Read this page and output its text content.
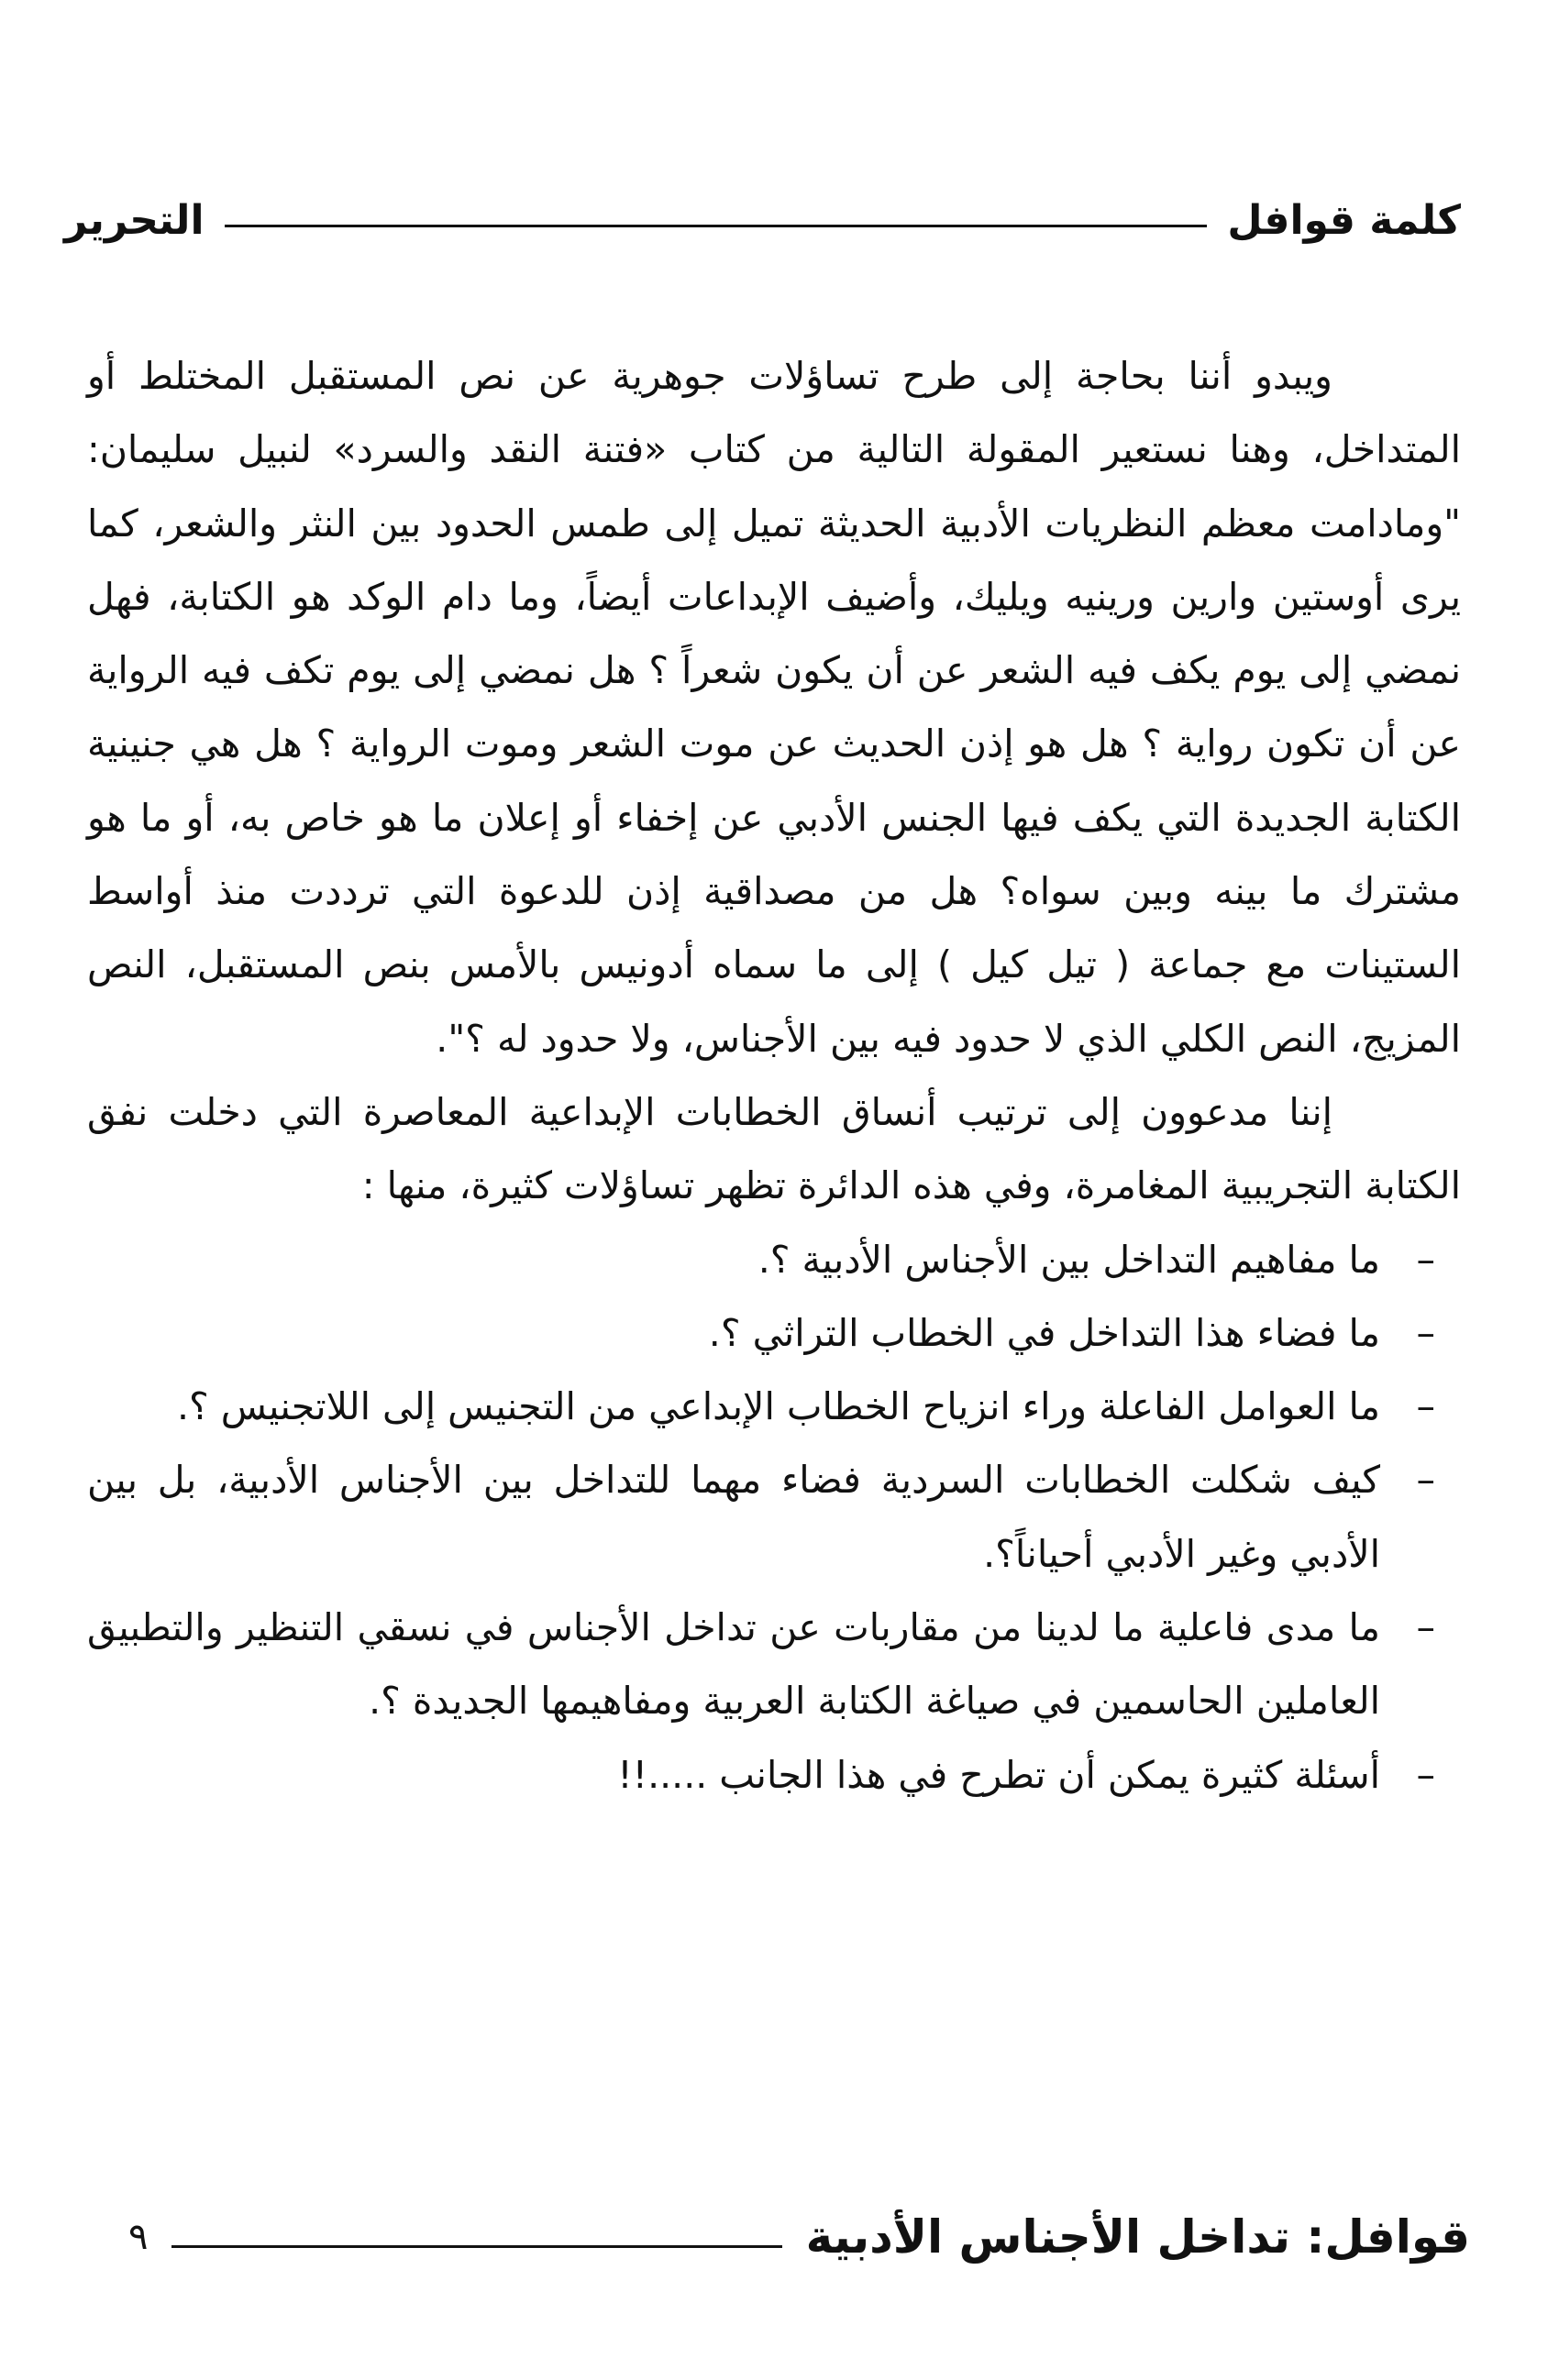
كلمة قوافل
التحرير

ويبدو أننا بحاجة إلى طرح تساؤلات جوهرية عن نص المستقبل المختلط أو المتداخل، وهنا نستعير المقولة التالية من كتاب «فتنة النقد والسرد» لنبيل سليمان: "ومادامت معظم النظريات الأدبية الحديثة تميل إلى طمس الحدود بين النثر والشعر، كما يرى أوستين وارين ورينيه ويليك، وأضيف الإبداعات أيضاً، وما دام الوكد هو الكتابة، فهل نمضي إلى يوم يكف فيه الشعر عن أن يكون شعراً ؟ هل نمضي إلى يوم تكف فيه الرواية عن أن تكون رواية ؟ هل هو إذن الحديث عن موت الشعر وموت الرواية ؟ هل هي جنينية الكتابة الجديدة التي يكف فيها الجنس الأدبي عن إخفاء أو إعلان ما هو خاص به، أو ما هو مشترك ما بينه وبين سواه؟ هل من مصداقية إذن للدعوة التي ترددت منذ أواسط الستينات مع جماعة ( تيل كيل ) إلى ما سماه أدونيس بالأمس بنص المستقبل، النص المزيج، النص الكلي الذي لا حدود فيه بين الأجناس، ولا حدود له ؟".

إننا مدعوون إلى ترتيب أنساق الخطابات الإبداعية المعاصرة التي دخلت نفق الكتابة التجريبية المغامرة، وفي هذه الدائرة تظهر تساؤلات كثيرة، منها :

– ما مفاهيم التداخل بين الأجناس الأدبية ؟.
– ما فضاء هذا التداخل في الخطاب التراثي ؟.
– ما العوامل الفاعلة وراء انزياح الخطاب الإبداعي من التجنيس إلى اللاتجنيس ؟.
– كيف شكلت الخطابات السردية فضاء مهما للتداخل بين الأجناس الأدبية، بل بين الأدبي وغير الأدبي أحياناً؟.
– ما مدى فاعلية ما لدينا من مقاربات عن تداخل الأجناس في نسقي التنظير والتطبيق العاملين الحاسمين في صياغة الكتابة العربية ومفاهيمها الجديدة ؟.
– أسئلة كثيرة يمكن أن تطرح في هذا الجانب .....!!
قوافل: تداخل الأجناس الأدبية
٩
